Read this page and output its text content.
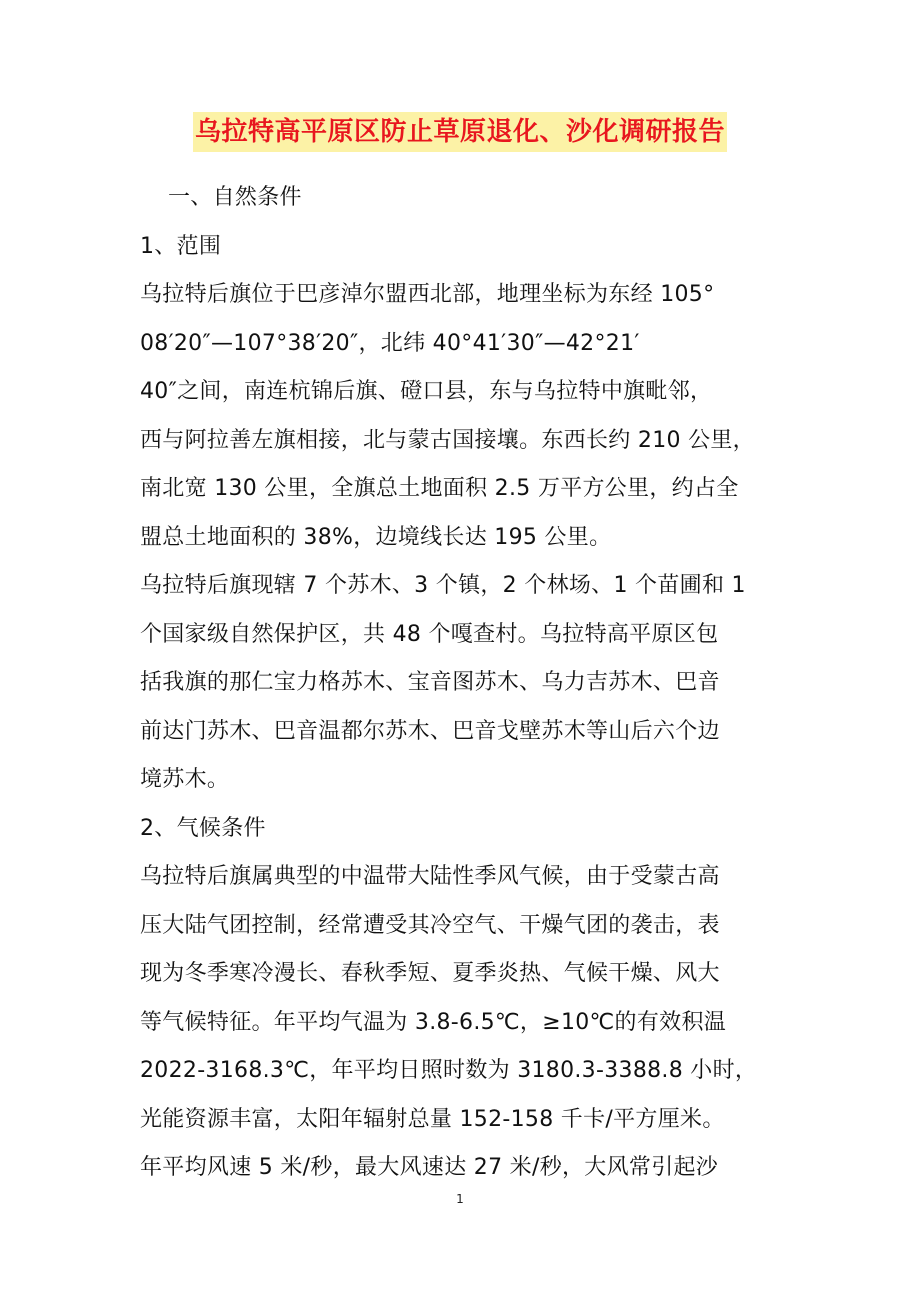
乌拉特高平原区防止草原退化、沙化调研报告
一、自然条件
1、范围
乌拉特后旗位于巴彦淖尔盟西北部，地理坐标为东经 105°
08′20″—107°38′20″，北纬 40°41′30″—42°21′
40″之间，南连杭锦后旗、磴口县，东与乌拉特中旗毗邻，
西与阿拉善左旗相接，北与蒙古国接壤。东西长约 210 公里，
南北宽 130 公里，全旗总土地面积 2.5 万平方公里，约占全
盟总土地面积的 38%，边境线长达 195 公里。
乌拉特后旗现辖 7 个苏木、3 个镇，2 个林场、1 个苗圃和 1
个国家级自然保护区，共 48 个嘎查村。乌拉特高平原区包
括我旗的那仁宝力格苏木、宝音图苏木、乌力吉苏木、巴音
前达门苏木、巴音温都尔苏木、巴音戈壁苏木等山后六个边
境苏木。
2、气候条件
乌拉特后旗属典型的中温带大陆性季风气候，由于受蒙古高
压大陆气团控制，经常遭受其冷空气、干燥气团的袭击，表
现为冬季寒冷漫长、春秋季短、夏季炎热、气候干燥、风大
等气候特征。年平均气温为 3.8-6.5℃，≥10℃的有效积温
2022-3168.3℃，年平均日照时数为 3180.3-3388.8 小时，
光能资源丰富，太阳年辐射总量 152-158 千卡/平方厘米。
年平均风速 5 米/秒，最大风速达 27 米/秒，大风常引起沙
1
